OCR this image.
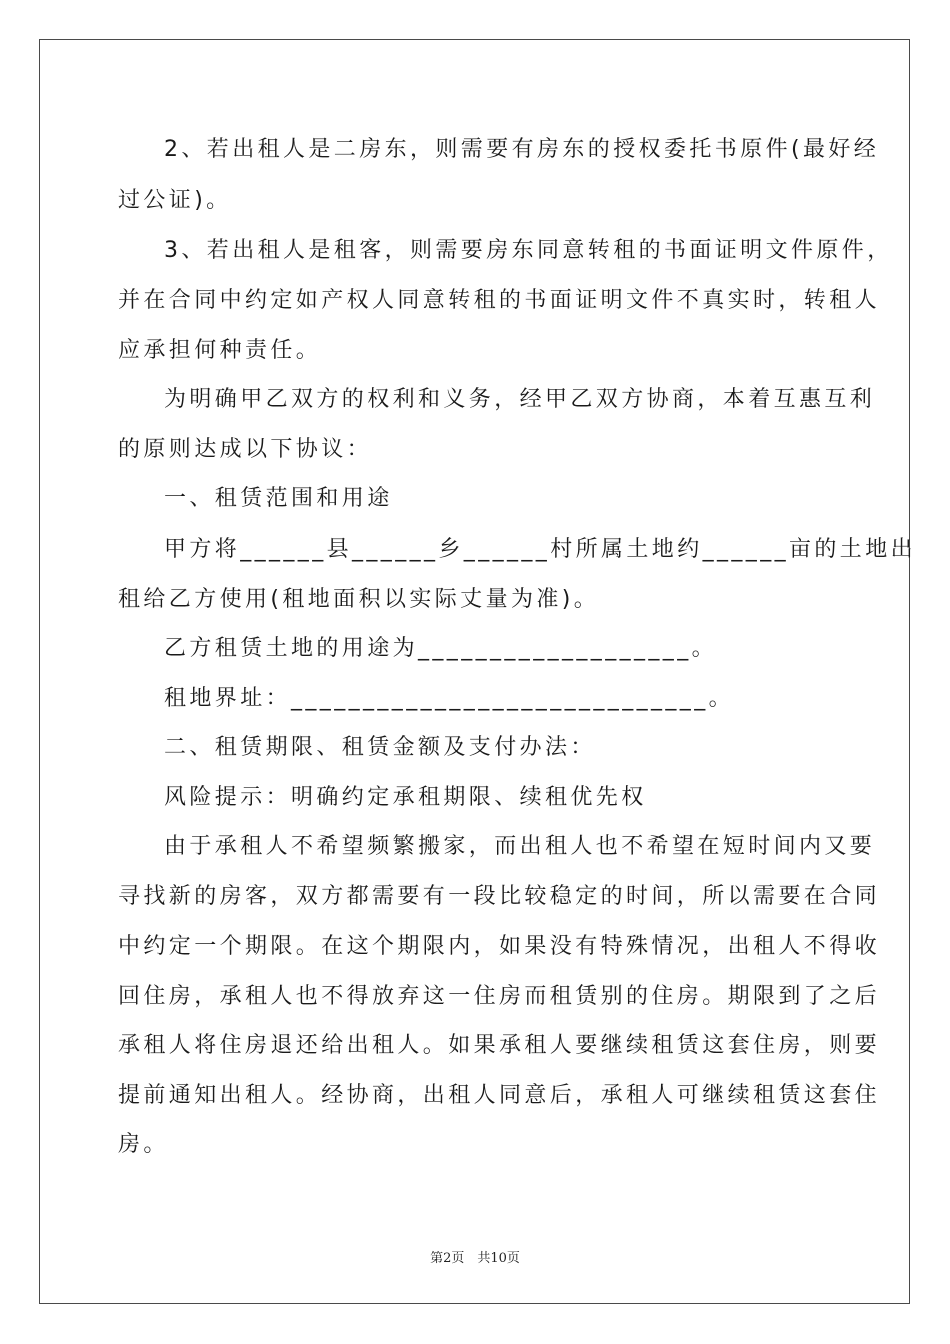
2、若出租人是二房东，则需要有房东的授权委托书原件(最好经
过公证)。
3、若出租人是租客，则需要房东同意转租的书面证明文件原件，
并在合同中约定如产权人同意转租的书面证明文件不真实时，转租人
应承担何种责任。
为明确甲乙双方的权利和义务，经甲乙双方协商，本着互惠互利
的原则达成以下协议：
一、租赁范围和用途
甲方将______县______乡______村所属土地约______亩的土地出
租给乙方使用(租地面积以实际丈量为准)。
乙方租赁土地的用途为___________________。
租地界址：_____________________________。
二、租赁期限、租赁金额及支付办法：
风险提示：明确约定承租期限、续租优先权
由于承租人不希望频繁搬家，而出租人也不希望在短时间内又要
寻找新的房客，双方都需要有一段比较稳定的时间，所以需要在合同
中约定一个期限。在这个期限内，如果没有特殊情况，出租人不得收
回住房，承租人也不得放弃这一住房而租赁别的住房。期限到了之后
承租人将住房退还给出租人。如果承租人要继续租赁这套住房，则要
提前通知出租人。经协商，出租人同意后，承租人可继续租赁这套住
房。
第2页　共10页
